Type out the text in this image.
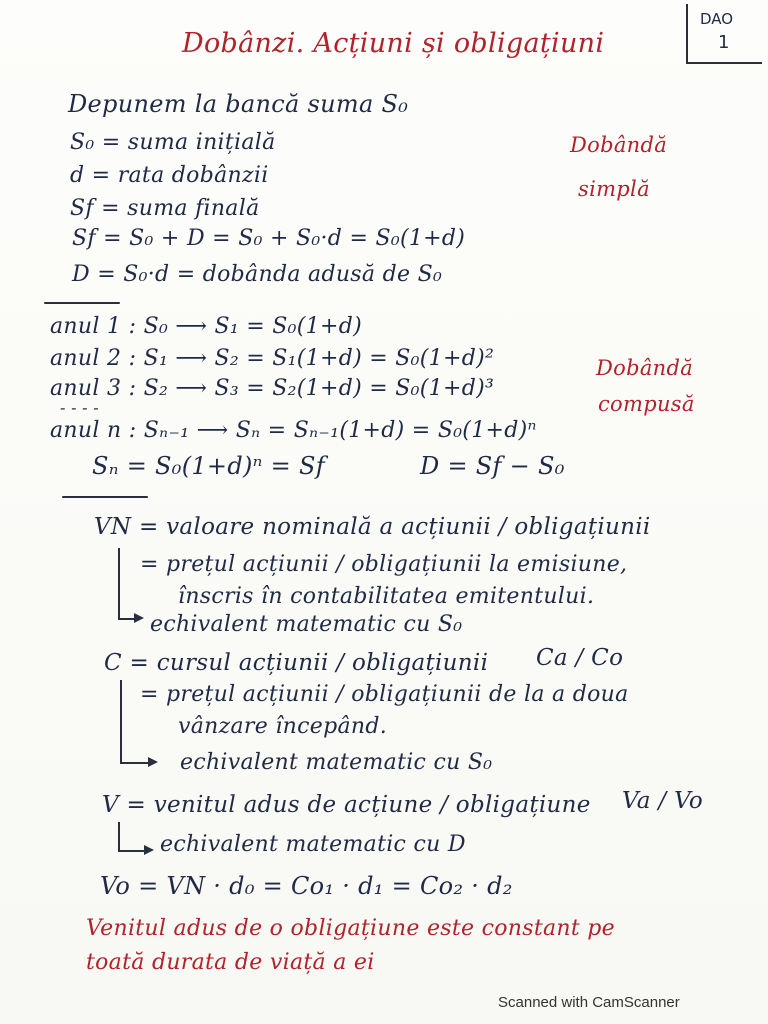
DAO
1
Dobânzi. Acțiuni și obligațiuni
Depunem la bancă suma S₀
S₀ = suma inițială
d = rata dobânzii
Sf = suma finală
Dobândă
simplă
Sf = S₀ + D = S₀ + S₀·d = S₀(1+d)
D = S₀·d = dobânda adusă de S₀
anul 1 : S₀ ⟶ S₁ = S₀(1+d)
anul 2 : S₁ ⟶ S₂ = S₁(1+d) = S₀(1+d)²
anul 3 : S₂ ⟶ S₃ = S₂(1+d) = S₀(1+d)³
- - - -
anul n : Sₙ₋₁ ⟶ Sₙ = Sₙ₋₁(1+d) = S₀(1+d)ⁿ
Dobândă
compusă
Sₙ = S₀(1+d)ⁿ = Sf	D = Sf − S₀
VN = valoare nominală a acțiunii / obligațiunii
= prețul acțiunii / obligațiunii la emisiune,
înscris în contabilitatea emitentului.
echivalent matematic cu S₀
C = cursul acțiunii / obligațiunii Ca / Co
= prețul acțiunii / obligațiunii de la a doua
vânzare începând.
echivalent matematic cu S₀
V = venitul adus de acțiune / obligațiune Va / Vo
echivalent matematic cu D
Vo = VN · d₀ = Co₁ · d₁ = Co₂ · d₂
Venitul adus de o obligațiune este constant pe
toată durata de viață a ei
Scanned with CamScanner
